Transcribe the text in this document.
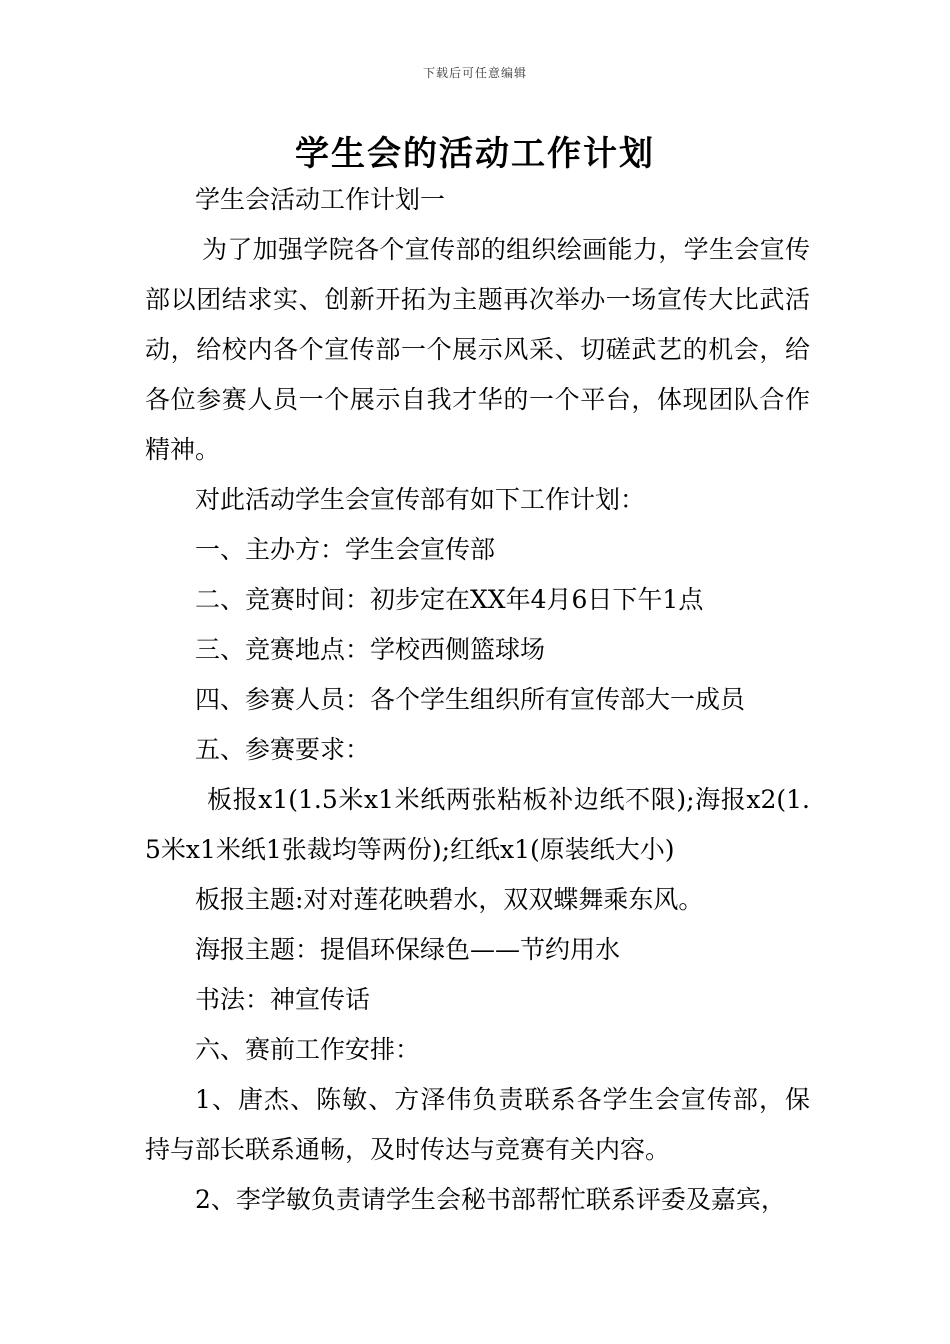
下载后可任意编辑
学生会的活动工作计划

学生会活动工作计划一

为了加强学院各个宣传部的组织绘画能力，学生会宣传部以团结求实、创新开拓为主题再次举办一场宣传大比武活动，给校内各个宣传部一个展示风采、切磋武艺的机会，给各位参赛人员一个展示自我才华的一个平台，体现团队合作精神。

对此活动学生会宣传部有如下工作计划：

一、主办方：学生会宣传部

二、竞赛时间：初步定在XX年4月6日下午1点

三、竞赛地点：学校西侧篮球场

四、参赛人员：各个学生组织所有宣传部大一成员

五、参赛要求：

板报x1(1.5米x1米纸两张粘板补边纸不限);海报x2(1.5米x1米纸1张裁均等两份);红纸x1(原装纸大小)

板报主题:对对莲花映碧水，双双蝶舞乘东风。

海报主题：提倡环保绿色——节约用水

书法：神宣传话

六、赛前工作安排：

1、唐杰、陈敏、方泽伟负责联系各学生会宣传部，保持与部长联系通畅，及时传达与竞赛有关内容。

2、李学敏负责请学生会秘书部帮忙联系评委及嘉宾，
